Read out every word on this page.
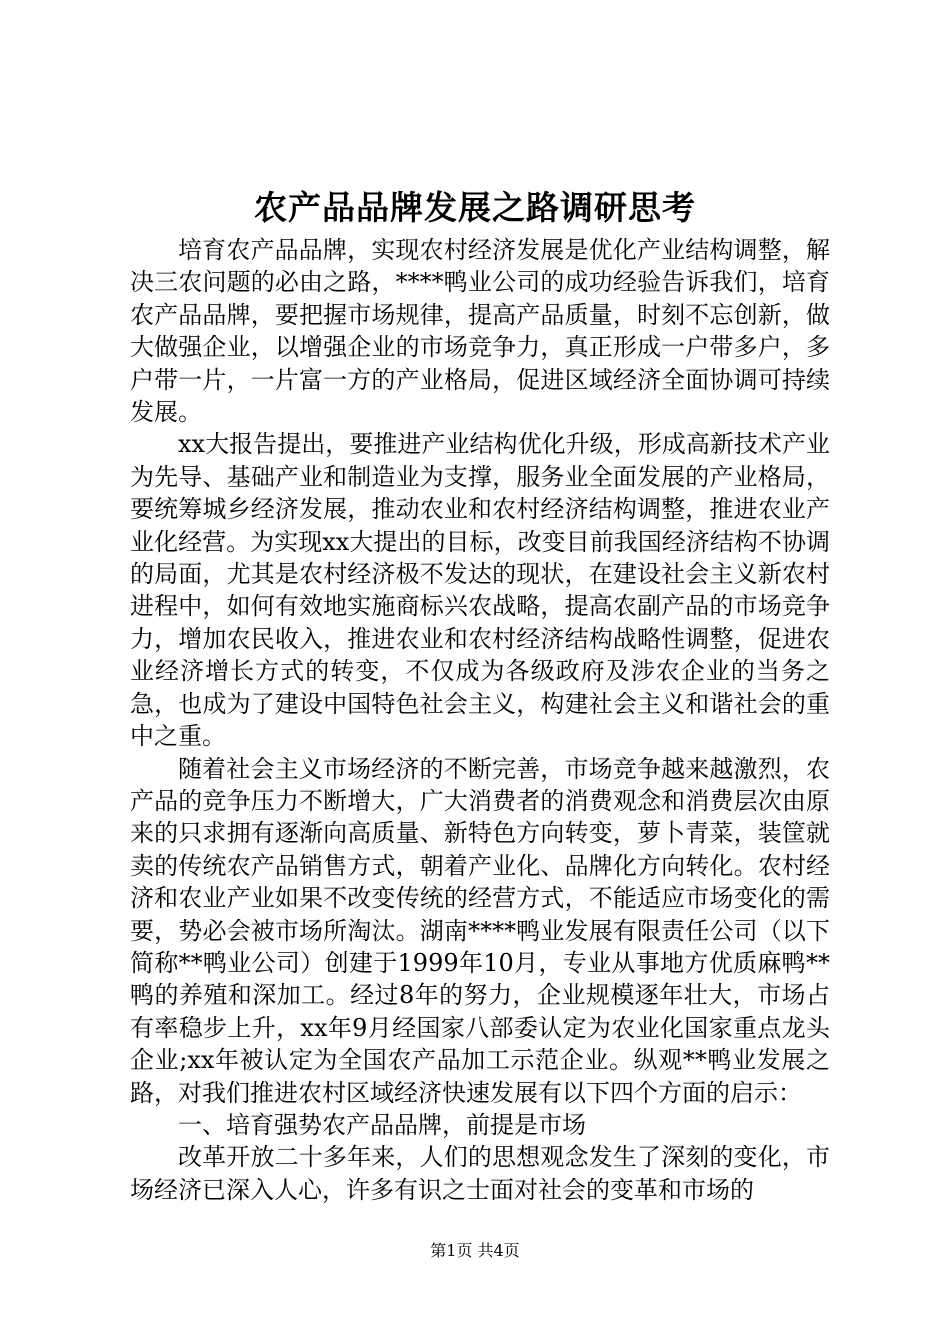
农产品品牌发展之路调研思考

培育农产品品牌，实现农村经济发展是优化产业结构调整，解决三农问题的必由之路，****鸭业公司的成功经验告诉我们，培育农产品品牌，要把握市场规律，提高产品质量，时刻不忘创新，做大做强企业，以增强企业的市场竞争力，真正形成一户带多户，多户带一片，一片富一方的产业格局，促进区域经济全面协调可持续发展。

xx大报告提出，要推进产业结构优化升级，形成高新技术产业为先导、基础产业和制造业为支撑，服务业全面发展的产业格局，要统筹城乡经济发展，推动农业和农村经济结构调整，推进农业产业化经营。为实现xx大提出的目标，改变目前我国经济结构不协调的局面，尤其是农村经济极不发达的现状，在建设社会主义新农村进程中，如何有效地实施商标兴农战略，提高农副产品的市场竞争力，增加农民收入，推进农业和农村经济结构战略性调整，促进农业经济增长方式的转变，不仅成为各级政府及涉农企业的当务之急，也成为了建设中国特色社会主义，构建社会主义和谐社会的重中之重。

随着社会主义市场经济的不断完善，市场竞争越来越激烈，农产品的竞争压力不断增大，广大消费者的消费观念和消费层次由原来的只求拥有逐渐向高质量、新特色方向转变，萝卜青菜，装筐就卖的传统农产品销售方式，朝着产业化、品牌化方向转化。农村经济和农业产业如果不改变传统的经营方式，不能适应市场变化的需要，势必会被市场所淘汰。湖南****鸭业发展有限责任公司（以下简称**鸭业公司）创建于1999年10月，专业从事地方优质麻鸭**鸭的养殖和深加工。经过8年的努力，企业规模逐年壮大，市场占有率稳步上升，xx年9月经国家八部委认定为农业化国家重点龙头企业;xx年被认定为全国农产品加工示范企业。纵观**鸭业发展之路，对我们推进农村区域经济快速发展有以下四个方面的启示：

一、培育强势农产品品牌，前提是市场

改革开放二十多年来，人们的思想观念发生了深刻的变化，市场经济已深入人心，许多有识之士面对社会的变革和市场的

第1页 共4页
